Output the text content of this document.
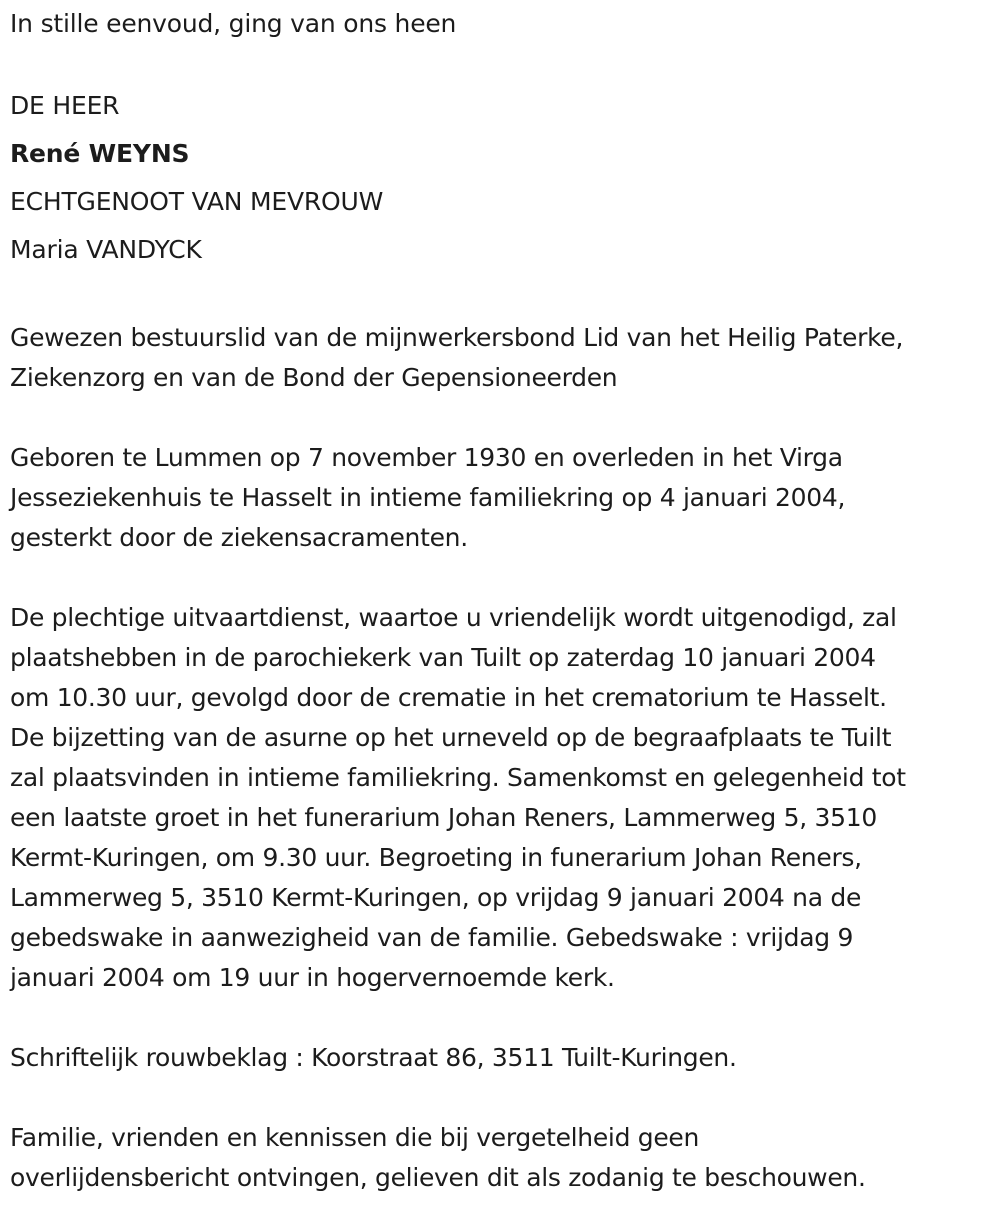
In stille eenvoud, ging van ons heen
DE HEER
René WEYNS
ECHTGENOOT VAN MEVROUW
Maria VANDYCK

Gewezen bestuurslid van de mijnwerkersbond Lid van het Heilig Paterke,
Ziekenzorg en van de Bond der Gepensioneerden

Geboren te Lummen op 7 november 1930 en overleden in het Virga
Jesseziekenhuis te Hasselt in intieme familiekring op 4 januari 2004,
gesterkt door de ziekensacramenten.

De plechtige uitvaartdienst, waartoe u vriendelijk wordt uitgenodigd, zal
plaatshebben in de parochiekerk van Tuilt op zaterdag 10 januari 2004
om 10.30 uur, gevolgd door de crematie in het crematorium te Hasselt.
De bijzetting van de asurne op het urneveld op de begraafplaats te Tuilt
zal plaatsvinden in intieme familiekring. Samenkomst en gelegenheid tot
een laatste groet in het funerarium Johan Reners, Lammerweg 5, 3510
Kermt-Kuringen, om 9.30 uur. Begroeting in funerarium Johan Reners,
Lammerweg 5, 3510 Kermt-Kuringen, op vrijdag 9 januari 2004 na de
gebedswake in aanwezigheid van de familie. Gebedswake : vrijdag 9
januari 2004 om 19 uur in hogervernoemde kerk.

Schriftelijk rouwbeklag : Koorstraat 86, 3511 Tuilt-Kuringen.

Familie, vrienden en kennissen die bij vergetelheid geen
overlijdensbericht ontvingen, gelieven dit als zodanig te beschouwen.
